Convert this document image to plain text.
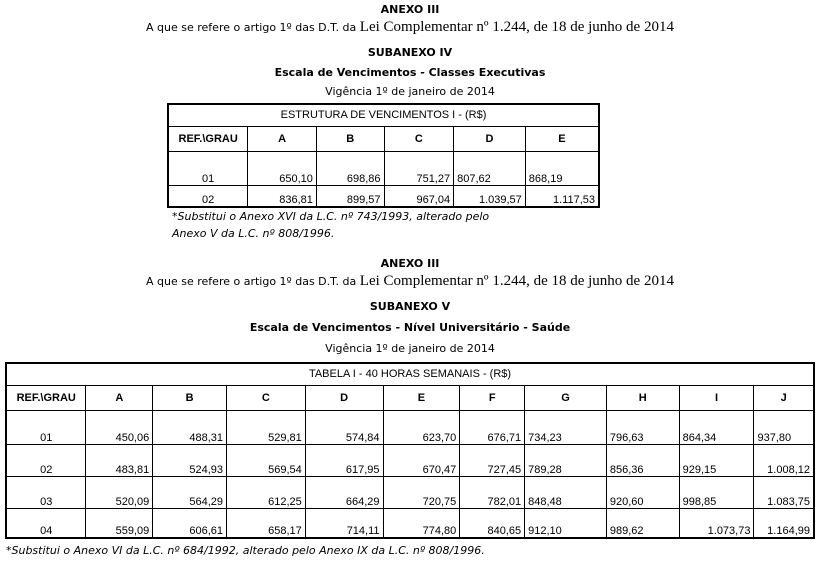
ANEXO III
A que se refere o artigo 1º das D.T. da Lei Complementar nº 1.244, de 18 de junho de 2014
SUBANEXO IV
Escala de Vencimentos - Classes Executivas
Vigência 1º de janeiro de 2014
ESTRUTURA DE VENCIMENTOS I - (R$)					
REF.\GRAU	A	B	C	D	E
01	650,10	698,86	751,27	807,62	868,19
02	836,81	899,57	967,04	1.039,57	1.117,53
*Substitui o Anexo XVI da L.C. nº 743/1993, alterado pelo
Anexo V da L.C. nº 808/1996.
ANEXO III
A que se refere o artigo 1º das D.T. da Lei Complementar nº 1.244, de 18 de junho de 2014
SUBANEXO V
Escala de Vencimentos - Nível Universitário - Saúde
Vigência 1º de janeiro de 2014
TABELA I - 40 HORAS SEMANAIS - (R$)										
REF.\GRAU	A	B	C	D	E	F	G	H	I	J
01	450,06	488,31	529,81	574,84	623,70	676,71	734,23	796,63	864,34	937,80
02	483,81	524,93	569,54	617,95	670,47	727,45	789,28	856,36	929,15	1.008,12
03	520,09	564,29	612,25	664,29	720,75	782,01	848,48	920,60	998,85	1.083,75
04	559,09	606,61	658,17	714,11	774,80	840,65	912,10	989,62	1.073,73	1.164,99
*Substitui o Anexo VI da L.C. nº 684/1992, alterado pelo Anexo IX da L.C. nº 808/1996.
